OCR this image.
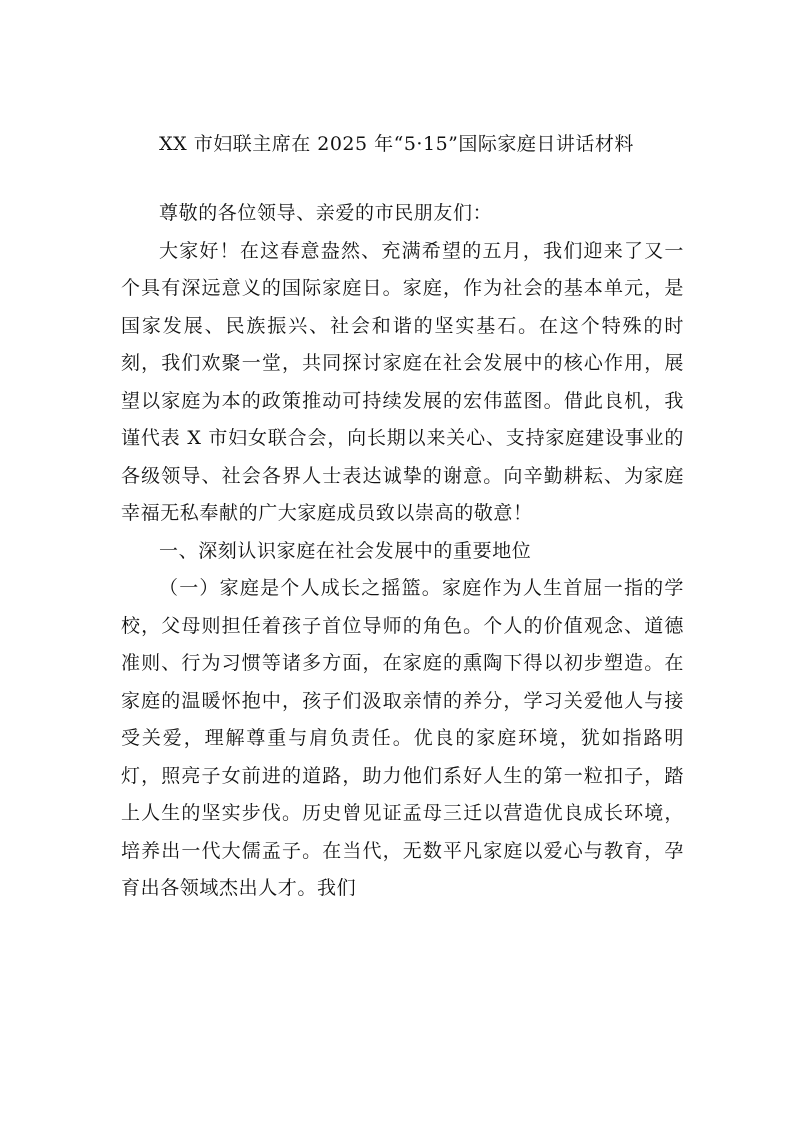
XX 市妇联主席在 2025 年“5·15”国际家庭日讲话材料

尊敬的各位领导、亲爱的市民朋友们：

大家好！在这春意盎然、充满希望的五月，我们迎来了又一个具有深远意义的国际家庭日。家庭，作为社会的基本单元，是国家发展、民族振兴、社会和谐的坚实基石。在这个特殊的时刻，我们欢聚一堂，共同探讨家庭在社会发展中的核心作用，展望以家庭为本的政策推动可持续发展的宏伟蓝图。借此良机，我谨代表 X 市妇女联合会，向长期以来关心、支持家庭建设事业的各级领导、社会各界人士表达诚挚的谢意。向辛勤耕耘、为家庭幸福无私奉献的广大家庭成员致以崇高的敬意！

一、深刻认识家庭在社会发展中的重要地位

（一）家庭是个人成长之摇篮。家庭作为人生首屈一指的学校，父母则担任着孩子首位导师的角色。个人的价值观念、道德准则、行为习惯等诸多方面，在家庭的熏陶下得以初步塑造。在家庭的温暖怀抱中，孩子们汲取亲情的养分，学习关爱他人与接受关爱，理解尊重与肩负责任。优良的家庭环境，犹如指路明灯，照亮子女前进的道路，助力他们系好人生的第一粒扣子，踏上人生的坚实步伐。历史曾见证孟母三迁以营造优良成长环境，培养出一代大儒孟子。在当代，无数平凡家庭以爱心与教育，孕育出各领域杰出人才。我们
